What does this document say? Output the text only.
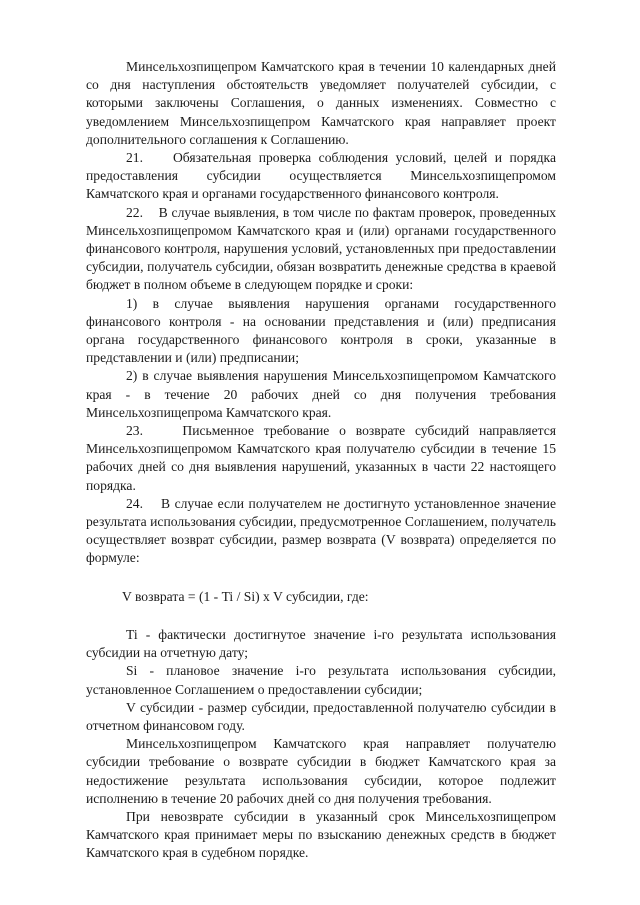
Минсельхозпищепром Камчатского края в течении 10 календарных дней со дня наступления обстоятельств уведомляет получателей субсидии, с которыми заключены Соглашения, о данных изменениях. Совместно с уведомлением Минсельхозпищепром Камчатского края направляет проект дополнительного соглашения к Соглашению.

21.    Обязательная проверка соблюдения условий, целей и порядка предоставления субсидии осуществляется Минсельхозпищепромом Камчатского края и органами государственного финансового контроля.

22.    В случае выявления, в том числе по фактам проверок, проведенных Минсельхозпищепромом Камчатского края и (или) органами государственного финансового контроля, нарушения условий, установленных при предоставлении субсидии, получатель субсидии, обязан возвратить денежные средства в краевой бюджет в полном объеме в следующем порядке и сроки:

1) в случае выявления нарушения органами государственного финансового контроля - на основании представления и (или) предписания органа государственного финансового контроля в сроки, указанные в представлении и (или) предписании;

2) в случае выявления нарушения Минсельхозпищепромом Камчатского края - в течение 20 рабочих дней со дня получения требования Минсельхозпищепрома Камчатского края.

23.    Письменное требование о возврате субсидий направляется Минсельхозпищепромом Камчатского края получателю субсидии в течение 15 рабочих дней со дня выявления нарушений, указанных в части 22 настоящего порядка.

24.    В случае если получателем не достигнуто установленное значение результата использования субсидии, предусмотренное Соглашением, получатель осуществляет возврат субсидии, размер возврата (V возврата) определяется по формуле:

V возврата = (1 - Ti / Si) x V субсидии, где:

Ti - фактически достигнутое значение i-го результата использования субсидии на отчетную дату;

Si - плановое значение i-го результата использования субсидии, установленное Соглашением о предоставлении субсидии;

V субсидии - размер субсидии, предоставленной получателю субсидии в отчетном финансовом году.

Минсельхозпищепром Камчатского края направляет получателю субсидии требование о возврате субсидии в бюджет Камчатского края за недостижение результата использования субсидии, которое подлежит исполнению в течение 20 рабочих дней со дня получения требования.

При невозврате субсидии в указанный срок Минсельхозпищепром Камчатского края принимает меры по взысканию денежных средств в бюджет Камчатского края в судебном порядке.
